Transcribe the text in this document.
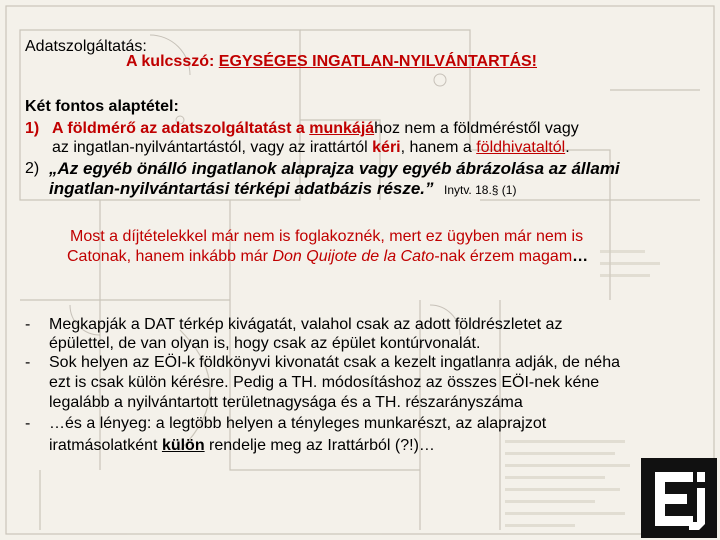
Adatszolgáltatás:
A kulcsszó: EGYSÉGES INGATLAN-NYILVÁNTARTÁS!
Két fontos alaptétel:
1) A földmérő az adatszolgáltatást a munkájához nem a földméréstől vagy
az ingatlan-nyilvántartástól, vagy az irattártól kéri, hanem a földhivataltól.
2) „Az egyéb önálló ingatlanok alaprajza vagy egyéb ábrázolása az állami
ingatlan-nyilvántartási térképi adatbázis része.” Inytv. 18.§ (1)
Most a díjtételekkel már nem is foglakoznék, mert ez ügyben már nem is
Catonak, hanem inkább már Don Quijote de la Cato-nak érzem magam…
- Megkapják a DAT térkép kivágatát, valahol csak az adott földrészletet az
épülettel, de van olyan is, hogy csak az épület kontúrvonalát.
- Sok helyen az EÖI-k földkönyvi kivonatát csak a kezelt ingatlanra adják, de néha
ezt is csak külön kérésre. Pedig a TH. módosításhoz az összes EÖI-nek kéne
legalább a nyilvántartott területnagysága és a TH. részarányszáma
- …és a lényeg: a legtöbb helyen a tényleges munkarészt, az alaprajzot
iratmásolatként külön rendelje meg az Irattárból (?!)…
